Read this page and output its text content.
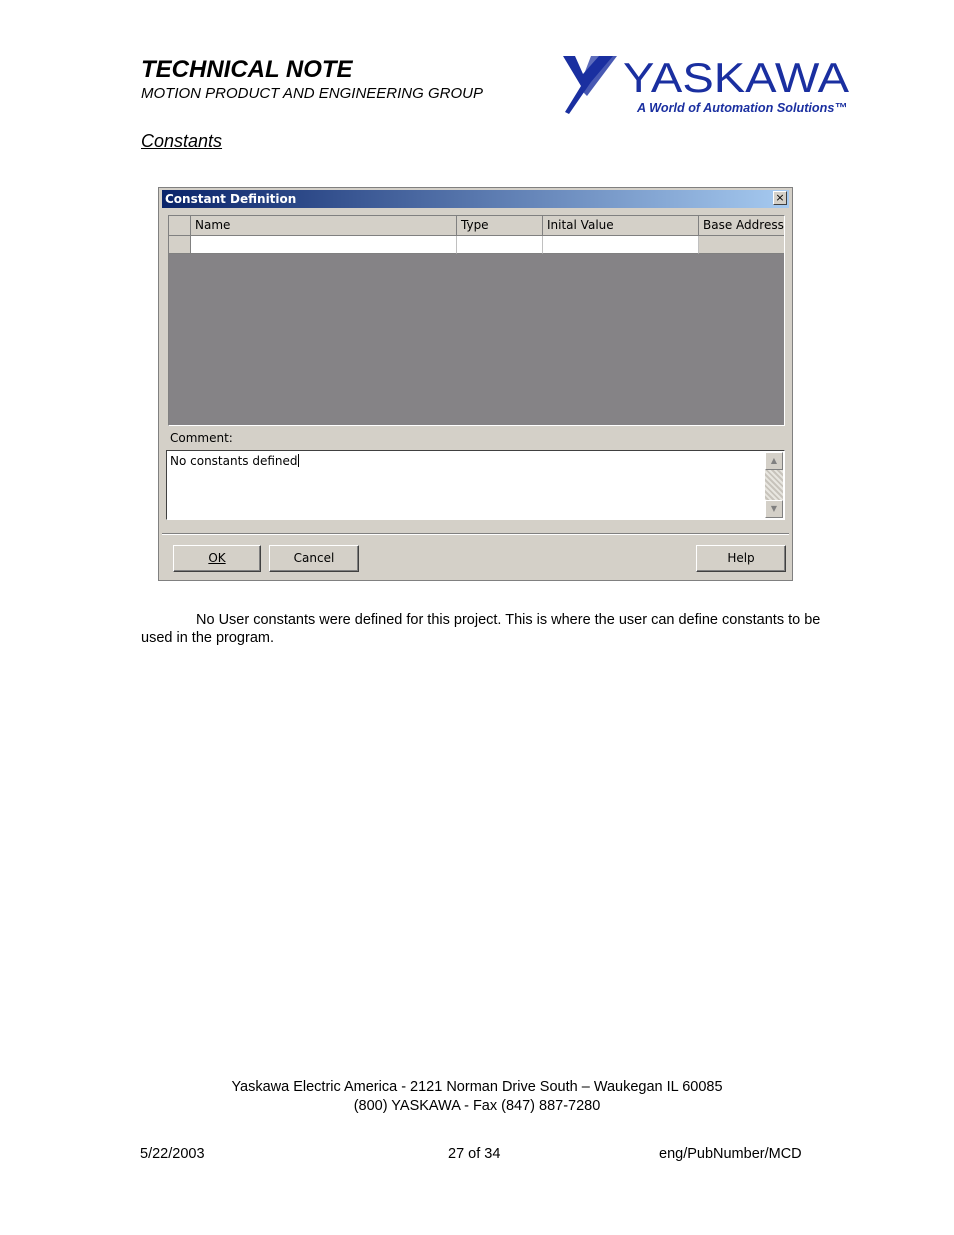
TECHNICAL NOTE
MOTION PRODUCT AND ENGINEERING GROUP	YASKAWA
A World of Automation Solutions™
Constants
Constant Definition	×
Name	Type	Inital Value	Base Address
Comment:
No constants defined	▲
▼
OK	Cancel	Help

No User constants were defined for this project. This is where the user can define constants to be used in the program.

Yaskawa Electric America - 2121 Norman Drive South – Waukegan IL 60085
(800) YASKAWA - Fax (847) 887-7280
5/22/2003	27 of 34	eng/PubNumber/MCD
